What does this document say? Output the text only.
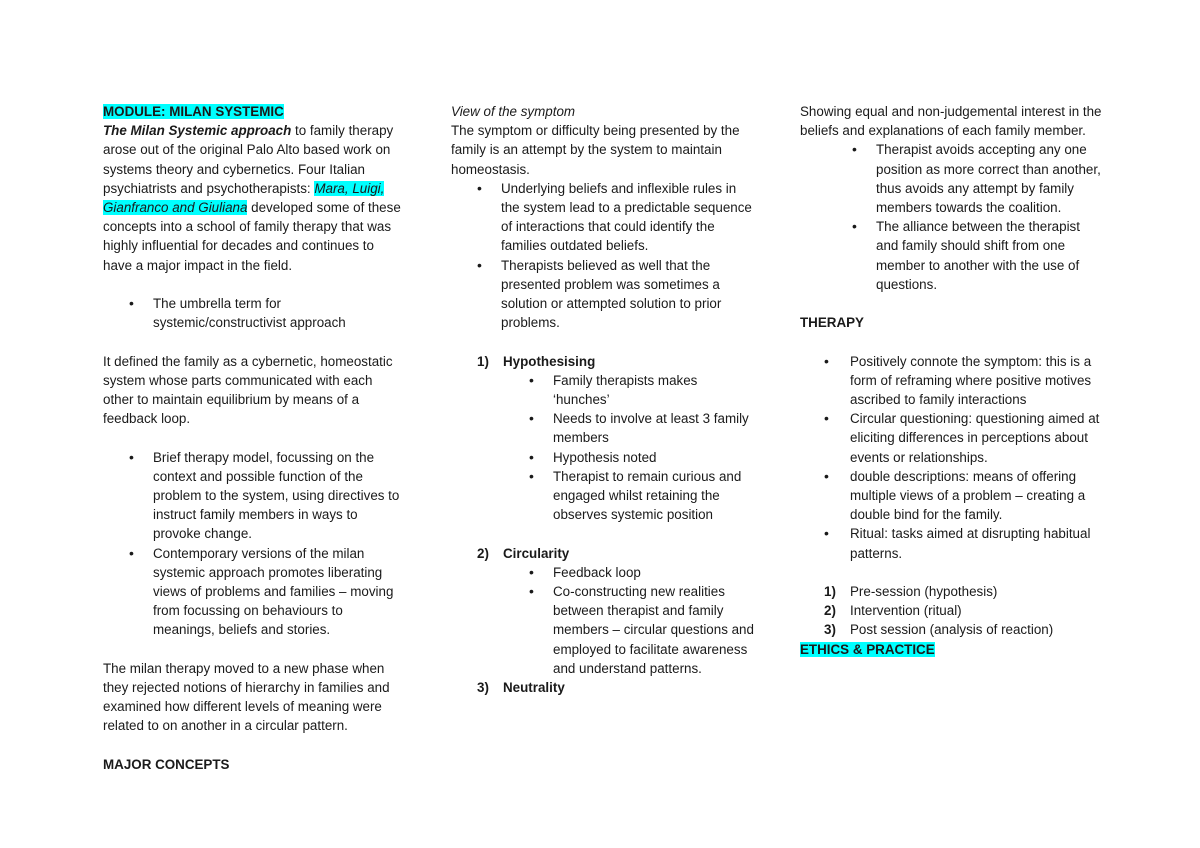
MODULE: MILAN SYSTEMIC

The Milan Systemic approach to family therapy arose out of the original Palo Alto based work on systems theory and cybernetics. Four Italian psychiatrists and psychotherapists: Mara, Luigi, Gianfranco and Giuliana developed some of these concepts into a school of family therapy that was highly influential for decades and continues to have a major impact in the field.

• The umbrella term for systemic/constructivist approach

It defined the family as a cybernetic, homeostatic system whose parts communicated with each other to maintain equilibrium by means of a feedback loop.

• Brief therapy model, focussing on the context and possible function of the problem to the system, using directives to instruct family members in ways to provoke change.
• Contemporary versions of the milan systemic approach promotes liberating views of problems and families – moving from focussing on behaviours to meanings, beliefs and stories.

The milan therapy moved to a new phase when they rejected notions of hierarchy in families and examined how different levels of meaning were related to on another in a circular pattern.

MAJOR CONCEPTS

View of the symptom

The symptom or difficulty being presented by the family is an attempt by the system to maintain homeostasis.

• Underlying beliefs and inflexible rules in the system lead to a predictable sequence of interactions that could identify the families outdated beliefs.
• Therapists believed as well that the presented problem was sometimes a solution or attempted solution to prior problems.
1) Hypothesising
• Family therapists makes ‘hunches’
• Needs to involve at least 3 family members
• Hypothesis noted
• Therapist to remain curious and engaged whilst retaining the observes systemic position
2) Circularity
• Feedback loop
• Co-constructing new realities between therapist and family members – circular questions and employed to facilitate awareness and understand patterns.
3) Neutrality

Showing equal and non-judgemental interest in the beliefs and explanations of each family member.

• Therapist avoids accepting any one position as more correct than another, thus avoids any attempt by family members towards the coalition.
• The alliance between the therapist and family should shift from one member to another with the use of questions.

THERAPY

• Positively connote the symptom: this is a form of reframing where positive motives ascribed to family interactions
• Circular questioning: questioning aimed at eliciting differences in perceptions about events or relationships.
• double descriptions: means of offering multiple views of a problem – creating a double bind for the family.
• Ritual: tasks aimed at disrupting habitual patterns.
1) Pre-session (hypothesis)
2) Intervention (ritual)
3) Post session (analysis of reaction)

ETHICS & PRACTICE
